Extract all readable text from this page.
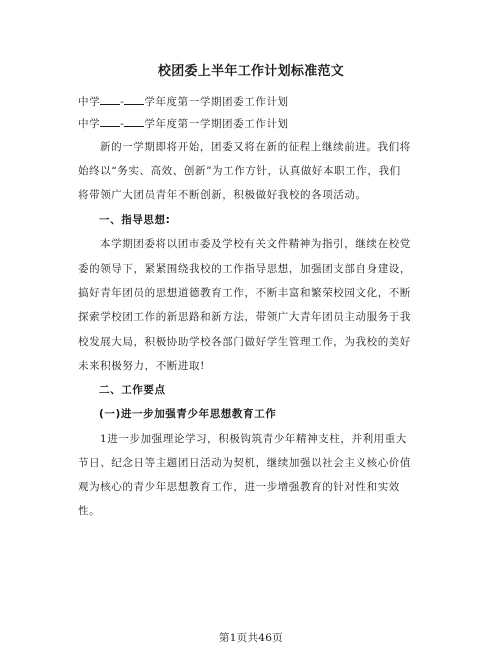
校团委上半年工作计划标准范文
中学 - 学年度第一学期团委工作计划
中学 - 学年度第一学期团委工作计划
新的一学期即将开始，团委又将在新的征程上继续前进。我们将
始终以“务实、高效、创新”为工作方针，认真做好本职工作，我们
将带领广大团员青年不断创新，积极做好我校的各项活动。
一、指导思想:
本学期团委将以团市委及学校有关文件精神为指引，继续在校党
委的领导下，紧紧围绕我校的工作指导思想，加强团支部自身建设，
搞好青年团员的思想道德教育工作，不断丰富和繁荣校园文化，不断
探索学校团工作的新思路和新方法，带领广大青年团员主动服务于我
校发展大局，积极协助学校各部门做好学生管理工作，为我校的美好
未来积极努力，不断进取!
二、工作要点
(一)进一步加强青少年思想教育工作
1进一步加强理论学习，积极钩筑青少年精神支柱，并利用重大
节日、纪念日等主题团日活动为契机，继续加强以社会主义核心价值
观为核心的青少年思想教育工作，进一步增强教育的针对性和实效
性。
第1页共46页
